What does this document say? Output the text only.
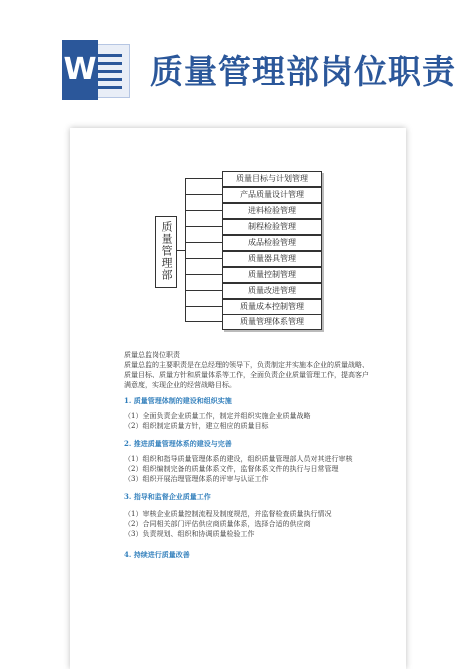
W 质量管理部岗位职责
质量管理部
质量目标与计划管理
产品质量设计管理
进料检验管理
制程检验管理
成品检验管理
质量器具管理
质量控制管理
质量改进管理
质量成本控制管理
质量管理体系管理
质量总监岗位职责
质量总监的主要职责是在总经理的领导下，负责制定并实施本企业的质量战略、
质量目标、质量方针和质量体系等工作，全面负责企业质量管理工作，提高客户
满意度，实现企业的经营战略目标。
1. 质量管理体制的建设和组织实施
（1）全面负责企业质量工作，制定并组织实施企业质量战略
（2）组织制定质量方针，建立相应的质量目标
2. 推进质量管理体系的建设与完善
（1）组织和指导质量管理体系的建设，组织质量管理部人员对其进行审核
（2）组织编制完备的质量体系文件，监督体系文件的执行与日常管理
（3）组织开展治理管理体系的评审与认证工作
3. 指导和监督企业质量工作
（1）审核企业质量控制流程及制度规范，并监督检查质量执行情况
（2）合同相关部门评估供应商质量体系，选择合适的供应商
（3）负责规划、组织和协调质量检验工作
4. 持续进行质量改善
